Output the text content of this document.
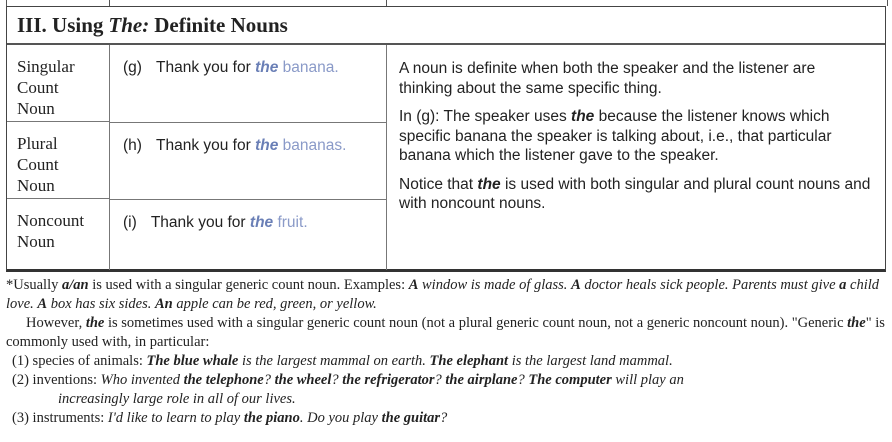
III.
Using The: Definite Nouns
Singular
Count
Noun
Plural
Count
Noun
Noncount
Noun
(g) Thank you for the banana.
(h) Thank you for the bananas.
(i) Thank you for the fruit.

A noun is definite when both the speaker and the listener are thinking about the same specific thing.

In (g): The speaker uses the because the listener knows which specific banana the speaker is talking about, i.e., that particular banana which the listener gave to the speaker.

Notice that the is used with both singular and plural count nouns and with noncount nouns.

*Usually a/an is used with a singular generic count noun. Examples: A window is made of glass. A doctor heals sick people. Parents must give a child love. A box has six sides. An apple can be red, green, or yellow.

However, the is sometimes used with a singular generic count noun (not a plural generic count noun, not a generic noncount noun). "Generic the" is commonly used with, in particular:

(1) species of animals: The blue whale is the largest mammal on earth. The elephant is the largest land mammal.

(2) inventions: Who invented the telephone? the wheel? the refrigerator? the airplane? The computer will play an

increasingly large role in all of our lives.

(3) instruments: I'd like to learn to play the piano. Do you play the guitar?
